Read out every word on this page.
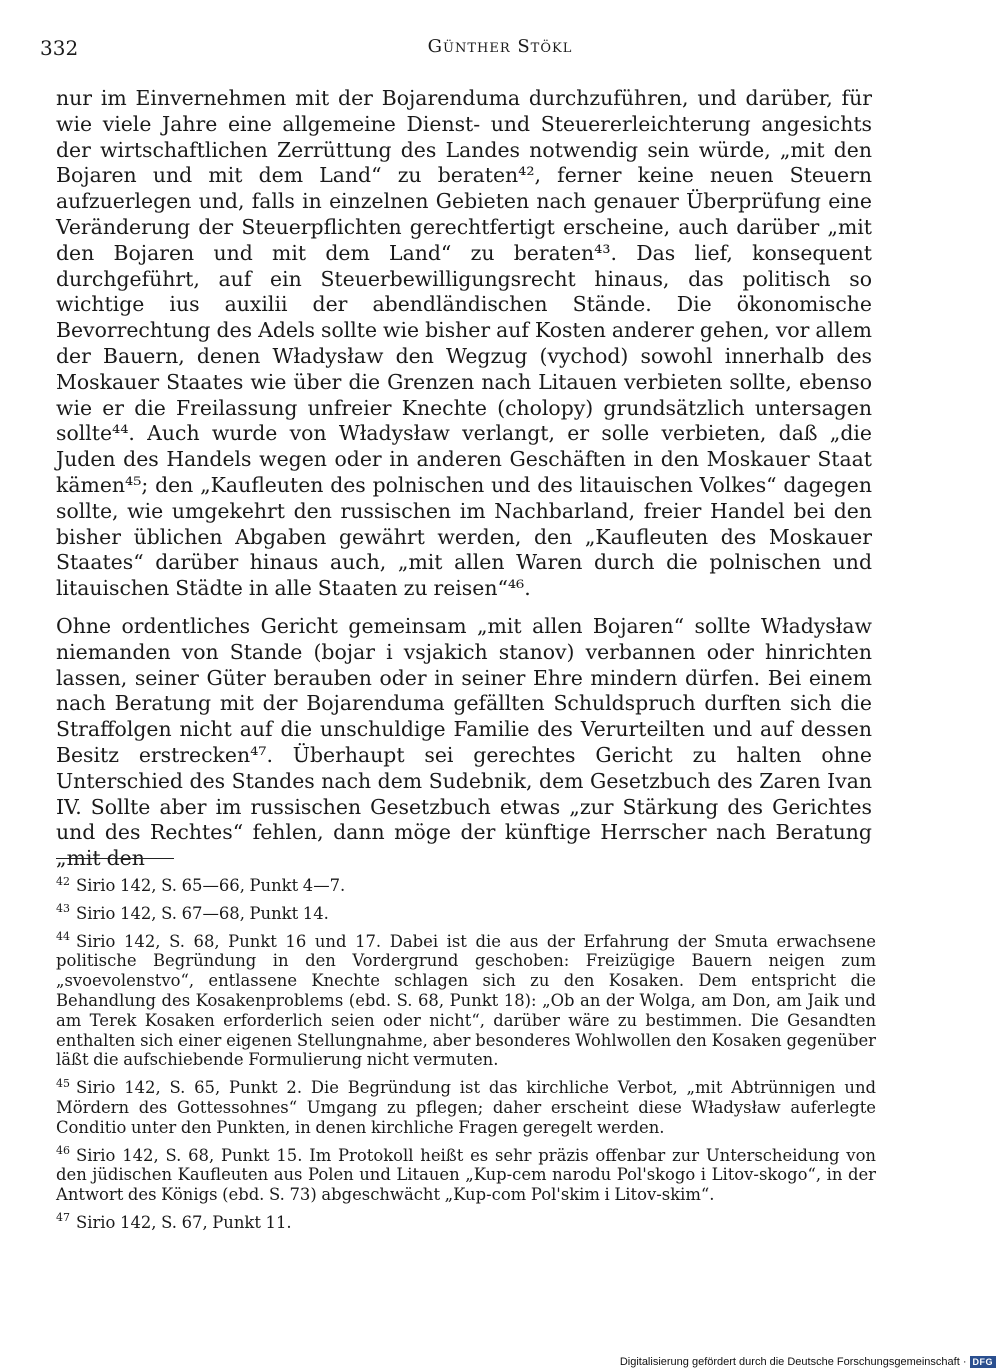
332	Günther Stökl

nur im Einvernehmen mit der Bojarenduma durchzuführen, und darüber, für wie viele Jahre eine allgemeine Dienst- und Steuererleichterung angesichts der wirtschaftlichen Zerrüttung des Landes notwendig sein würde, „mit den Bojaren und mit dem Land“ zu beraten⁴², ferner keine neuen Steuern aufzuerlegen und, falls in einzelnen Gebieten nach genauer Überprüfung eine Veränderung der Steuerpflichten gerechtfertigt erscheine, auch darüber „mit den Bojaren und mit dem Land“ zu beraten⁴³. Das lief, konsequent durchgeführt, auf ein Steuerbewilligungsrecht hinaus, das politisch so wichtige ius auxilii der abendländischen Stände. Die ökonomische Bevorrechtung des Adels sollte wie bisher auf Kosten anderer gehen, vor allem der Bauern, denen Władysław den Wegzug (vychod) sowohl innerhalb des Moskauer Staates wie über die Grenzen nach Litauen verbieten sollte, ebenso wie er die Freilassung unfreier Knechte (cholopy) grundsätzlich untersagen sollte⁴⁴. Auch wurde von Władysław verlangt, er solle verbieten, daß „die Juden des Handels wegen oder in anderen Geschäften in den Moskauer Staat kämen⁴⁵; den „Kaufleuten des polnischen und des litauischen Volkes“ dagegen sollte, wie umgekehrt den russischen im Nachbarland, freier Handel bei den bisher üblichen Abgaben gewährt werden, den „Kaufleuten des Moskauer Staates“ darüber hinaus auch, „mit allen Waren durch die polnischen und litauischen Städte in alle Staaten zu reisen“⁴⁶.

Ohne ordentliches Gericht gemeinsam „mit allen Bojaren“ sollte Władysław niemanden von Stande (bojar i vsjakich stanov) verbannen oder hinrichten lassen, seiner Güter berauben oder in seiner Ehre mindern dürfen. Bei einem nach Beratung mit der Bojarenduma gefällten Schuldspruch durften sich die Straffolgen nicht auf die unschuldige Familie des Verurteilten und auf dessen Besitz erstrecken⁴⁷. Überhaupt sei gerechtes Gericht zu halten ohne Unterschied des Standes nach dem Sudebnik, dem Gesetzbuch des Zaren Ivan IV. Sollte aber im russischen Gesetzbuch etwas „zur Stärkung des Gerichtes und des Rechtes“ fehlen, dann möge der künftige Herrscher nach Beratung „mit den

$^{42}$ Sirio 142, S. 65—66, Punkt 4—7.

$^{43}$ Sirio 142, S. 67—68, Punkt 14.

$^{44}$ Sirio 142, S. 68, Punkt 16 und 17. Dabei ist die aus der Erfahrung der Smuta erwachsene politische Begründung in den Vordergrund geschoben: Freizügige Bauern neigen zum „svoevolenstvo“, entlassene Knechte schlagen sich zu den Kosaken. Dem entspricht die Behandlung des Kosakenproblems (ebd. S. 68, Punkt 18): „Ob an der Wolga, am Don, am Jaik und am Terek Kosaken erforderlich seien oder nicht“, darüber wäre zu bestimmen. Die Gesandten enthalten sich einer eigenen Stellungnahme, aber besonderes Wohlwollen den Kosaken gegenüber läßt die aufschiebende Formulierung nicht vermuten.

$^{45}$ Sirio 142, S. 65, Punkt 2. Die Begründung ist das kirchliche Verbot, „mit Abtrünnigen und Mördern des Gottessohnes“ Umgang zu pflegen; daher erscheint diese Władysław auferlegte Conditio unter den Punkten, in denen kirchliche Fragen geregelt werden.

$^{46}$ Sirio 142, S. 68, Punkt 15. Im Protokoll heißt es sehr präzis offenbar zur Unterscheidung von den jüdischen Kaufleuten aus Polen und Litauen „Kup-cem narodu Pol'skogo i Litov-skogo“, in der Antwort des Königs (ebd. S. 73) abgeschwächt „Kup-com Pol'skim i Litov-skim“.

$^{47}$ Sirio 142, S. 67, Punkt 11.

Digitalisierung gefördert durch die Deutsche Forschungsgemeinschaft · DFG
